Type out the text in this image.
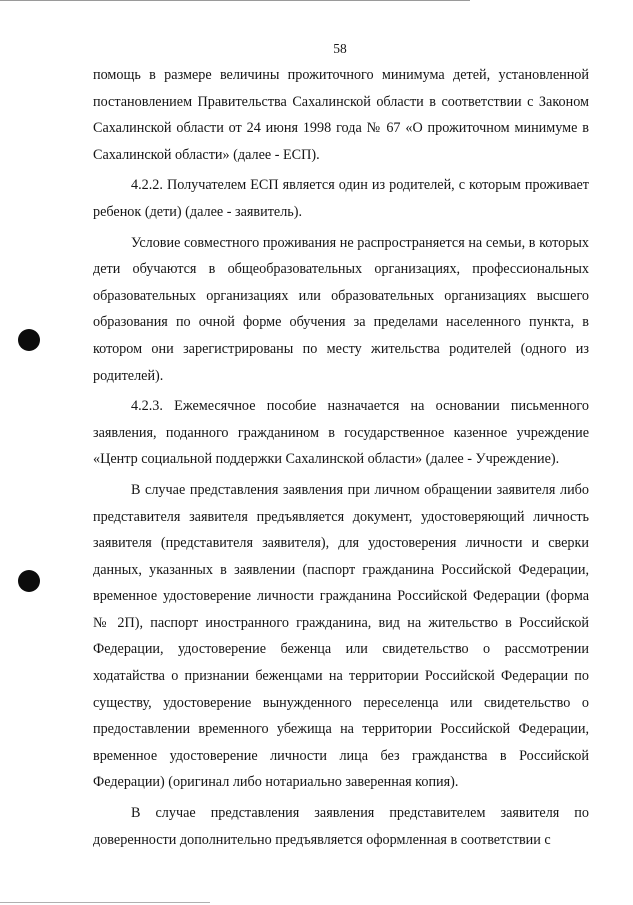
58

помощь в размере величины прожиточного минимума детей, установленной постановлением Правительства Сахалинской области в соответствии с Законом Сахалинской области от 24 июня 1998 года № 67 «О прожиточном минимуме в Сахалинской области» (далее - ЕСП).

4.2.2. Получателем ЕСП является один из родителей, с которым проживает ребенок (дети) (далее - заявитель).

Условие совместного проживания не распространяется на семьи, в которых дети обучаются в общеобразовательных организациях, профессиональных образовательных организациях или образовательных организациях высшего образования по очной форме обучения за пределами населенного пункта, в котором они зарегистрированы по месту жительства родителей (одного из родителей).

4.2.3. Ежемесячное пособие назначается на основании письменного заявления, поданного гражданином в государственное казенное учреждение «Центр социальной поддержки Сахалинской области» (далее - Учреждение).

В случае представления заявления при личном обращении заявителя либо представителя заявителя предъявляется документ, удостоверяющий личность заявителя (представителя заявителя), для удостоверения личности и сверки данных, указанных в заявлении (паспорт гражданина Российской Федерации, временное удостоверение личности гражданина Российской Федерации (форма № 2П), паспорт иностранного гражданина, вид на жительство в Российской Федерации, удостоверение беженца или свидетельство о рассмотрении ходатайства о признании беженцами на территории Российской Федерации по существу, удостоверение вынужденного переселенца или свидетельство о предоставлении временного убежища на территории Российской Федерации, временное удостоверение личности лица без гражданства в Российской Федерации) (оригинал либо нотариально заверенная копия).

В случае представления заявления представителем заявителя по доверенности дополнительно предъявляется оформленная в соответствии с
